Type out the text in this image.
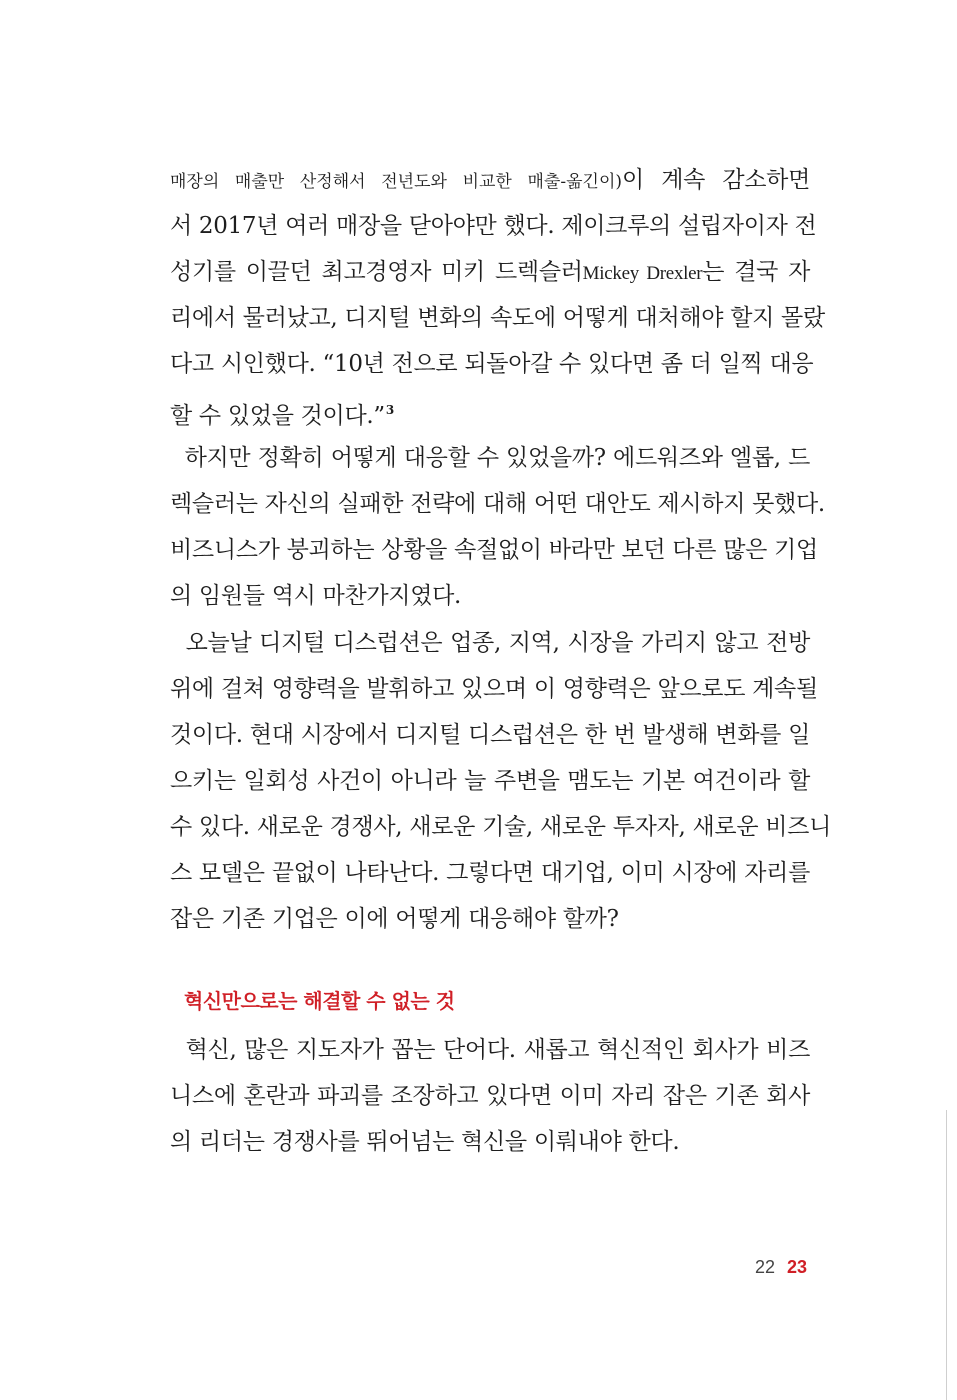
매장의 매출만 산정해서 전년도와 비교한 매출-옮긴이)이 계속 감소하면
서 2017년 여러 매장을 닫아야만 했다. 제이크루의 설립자이자 전
성기를 이끌던 최고경영자 미키 드렉슬러Mickey Drexler는 결국 자
리에서 물러났고, 디지털 변화의 속도에 어떻게 대처해야 할지 몰랐
다고 시인했다. “10년 전으로 되돌아갈 수 있다면 좀 더 일찍 대응
할 수 있었을 것이다.”$^3$
하지만 정확히 어떻게 대응할 수 있었을까? 에드워즈와 엘롭, 드
렉슬러는 자신의 실패한 전략에 대해 어떤 대안도 제시하지 못했다.
비즈니스가 붕괴하는 상황을 속절없이 바라만 보던 다른 많은 기업
의 임원들 역시 마찬가지였다.
오늘날 디지털 디스럽션은 업종, 지역, 시장을 가리지 않고 전방
위에 걸쳐 영향력을 발휘하고 있으며 이 영향력은 앞으로도 계속될
것이다. 현대 시장에서 디지털 디스럽션은 한 번 발생해 변화를 일
으키는 일회성 사건이 아니라 늘 주변을 맴도는 기본 여건이라 할
수 있다. 새로운 경쟁사, 새로운 기술, 새로운 투자자, 새로운 비즈니
스 모델은 끝없이 나타난다. 그렇다면 대기업, 이미 시장에 자리를
잡은 기존 기업은 이에 어떻게 대응해야 할까?
혁신만으로는 해결할 수 없는 것
혁신, 많은 지도자가 꼽는 단어다. 새롭고 혁신적인 회사가 비즈
니스에 혼란과 파괴를 조장하고 있다면 이미 자리 잡은 기존 회사
의 리더는 경쟁사를 뛰어넘는 혁신을 이뤄내야 한다.
22 23
